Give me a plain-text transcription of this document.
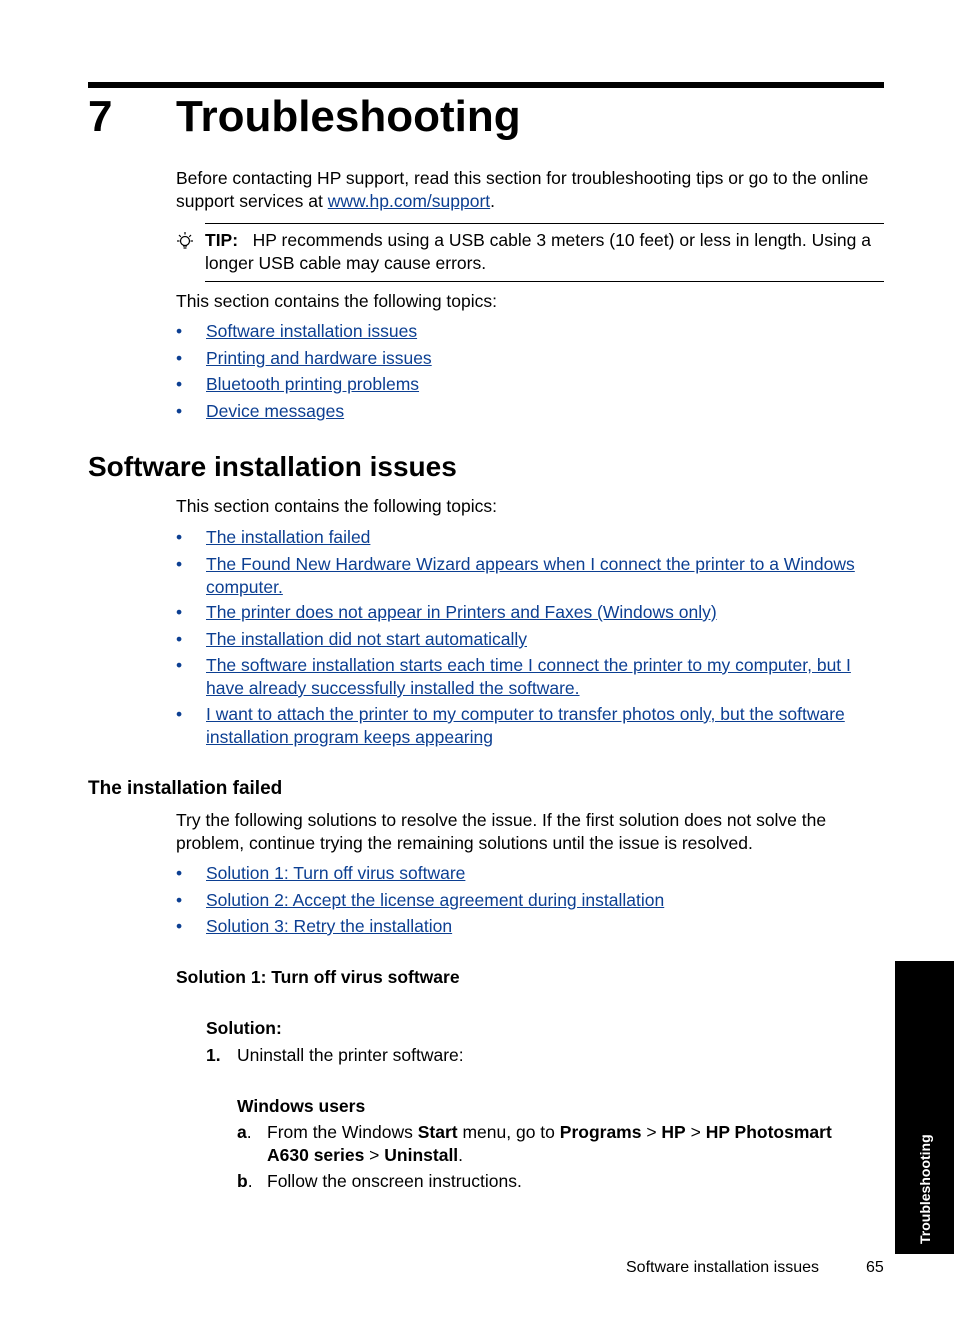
7 Troubleshooting
Before contacting HP support, read this section for troubleshooting tips or go to the online support services at www.hp.com/support.
TIP: HP recommends using a USB cable 3 meters (10 feet) or less in length. Using a longer USB cable may cause errors.
This section contains the following topics:
• Software installation issues
• Printing and hardware issues
• Bluetooth printing problems
• Device messages
Software installation issues
This section contains the following topics:
• The installation failed
• The Found New Hardware Wizard appears when I connect the printer to a Windows computer.
• The printer does not appear in Printers and Faxes (Windows only)
• The installation did not start automatically
• The software installation starts each time I connect the printer to my computer, but I have already successfully installed the software.
• I want to attach the printer to my computer to transfer photos only, but the software installation program keeps appearing
The installation failed
Try the following solutions to resolve the issue. If the first solution does not solve the problem, continue trying the remaining solutions until the issue is resolved.
• Solution 1: Turn off virus software
• Solution 2: Accept the license agreement during installation
• Solution 3: Retry the installation
Solution 1: Turn off virus software
Solution:
1. Uninstall the printer software:
Windows users
a. From the Windows Start menu, go to Programs > HP > HP Photosmart A630 series > Uninstall.
b. Follow the onscreen instructions.	Troubleshooting
Software installation issues	65
